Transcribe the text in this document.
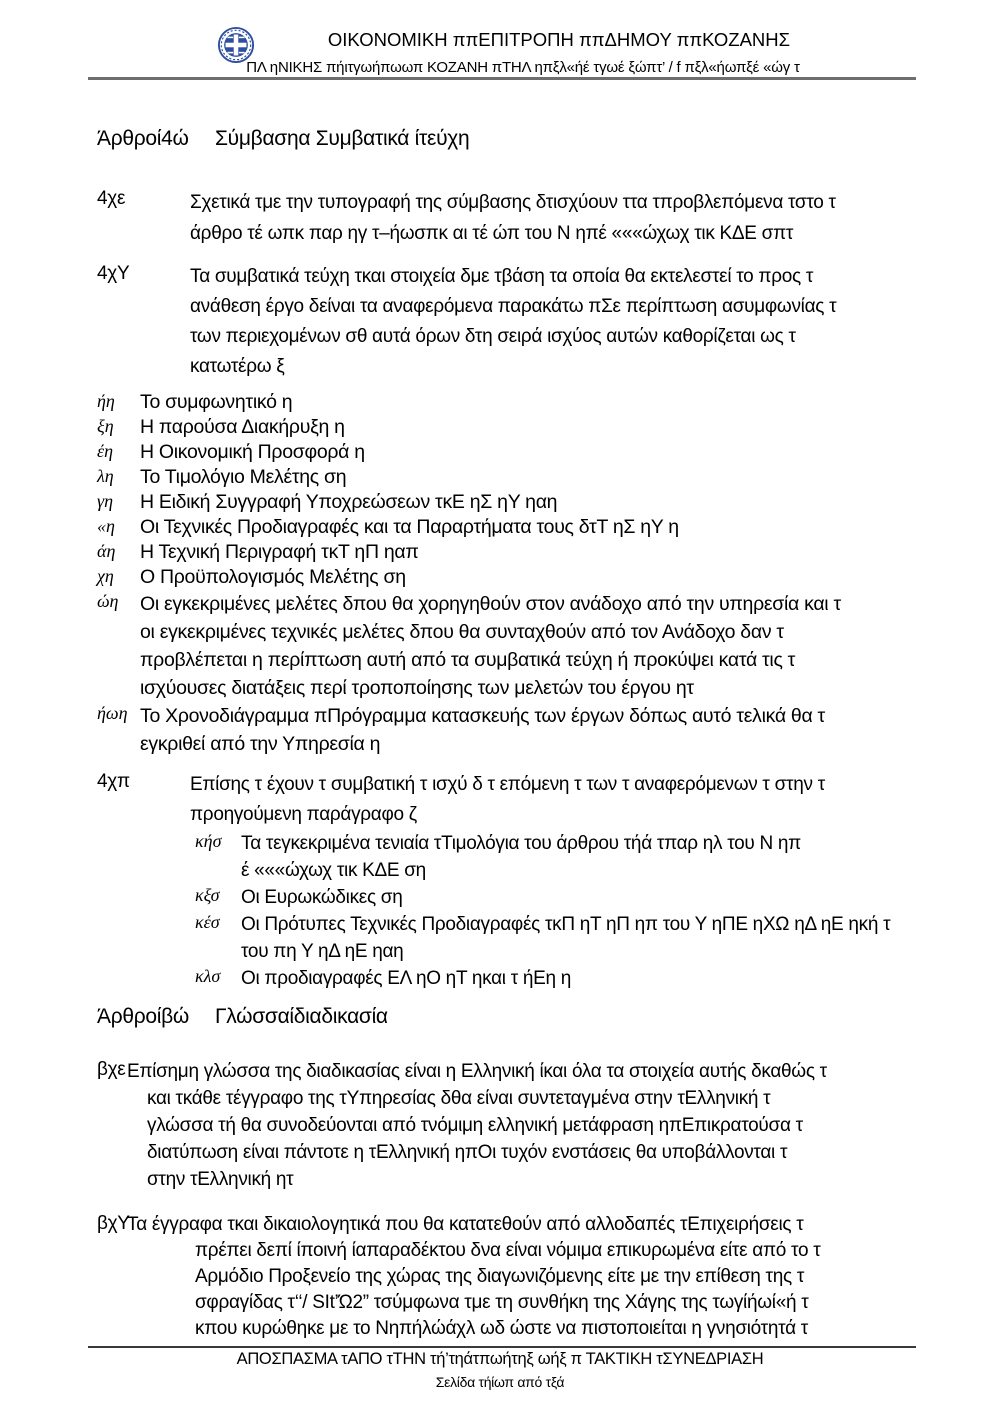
ΟΙΚΟΝΟΜΙΚΗ ππΕΠΙΤΡΟΠΗ ππΔΗΜΟΥ ππΚΟΖΑΝΗΣ
ΠΛ ηΝΙΚΗΣ πήιτγωήπωωπ ΚΟΖΑΝΗ πΤΗΛ ηπξλ«ήέ τγωέ ξώπτ’ / f πξλ«ήωπξέ «ώγ τ
Άρθροί4ώ Σύμβασηα Συμβατικά ίτεύχη
4χε	Σχετικά τμε την τυπογραφή της σύμβασης δτισχύουν ττα τπροβλεπόμενα τστο τ
άρθρο τέ ωπκ παρ ηγ τ–ήωσπκ αι τέ ώπ του Ν ηπέ «««ώχωχ τικ ΚΔΕ σπτ
4χΥ	Τα συμβατικά τεύχη τκαι στοιχεία δμε τβάση τα οποία θα εκτελεστεί το προς τ
ανάθεση έργο δείναι τα αναφερόμενα παρακάτω πΣε περίπτωση ασυμφωνίας τ
των περιεχομένων σθ αυτά όρων δτη σειρά ισχύος αυτών καθορίζεται ως τ
κατωτέρω ξ
ήη Το συμφωνητικό η
ξη Η παρούσα Διακήρυξη η
έη Η Οικονομική Προσφορά η
λη Το Τιμολόγιο Μελέτης ση
γη Η Ειδική Συγγραφή Υποχρεώσεων τκΕ ηΣ ηΥ ηαη
«η Οι Τεχνικές Προδιαγραφές και τα Παραρτήματα τους δτΤ ηΣ ηΥ η
άη Η Τεχνική Περιγραφή τκΤ ηΠ ηαπ
χη Ο Προϋπολογισμός Μελέτης ση
ώη Οι εγκεκριμένες μελέτες δπου θα χορηγηθούν στον ανάδοχο από την υπηρεσία και τ
οι εγκεκριμένες τεχνικές μελέτες δπου θα συνταχθούν από τον Ανάδοχο δαν τ
προβλέπεται η περίπτωση αυτή από τα συμβατικά τεύχη ή προκύψει κατά τις τ
ισχύουσες διατάξεις περί τροποποίησης των μελετών του έργου ητ
ήωη Το Χρονοδιάγραμμα πΠρόγραμμα κατασκευής των έργων δόπως αυτό τελικά θα τ
εγκριθεί από την Υπηρεσία η
4χπ	Επίσης τ έχουν τ συμβατική τ ισχύ δ τ επόμενη τ των τ αναφερόμενων τ στην τ
προηγούμενη παράγραφο ζ
κήσ Τα τεγκεκριμένα τενιαία τΤιμολόγια του άρθρου τήά τπαρ ηλ του Ν ηπ
έ «««ώχωχ τικ ΚΔΕ ση
κξσ Οι Ευρωκώδικες ση
κέσ Οι Πρότυπες Τεχνικές Προδιαγραφές τκΠ ηΤ ηΠ ηπ του Υ ηΠΕ ηΧΩ ηΔ ηΕ ηκή τ
του πη Υ ηΔ ηΕ ηαη
κλσ Οι προδιαγραφές ΕΛ ηΟ ηΤ ηκαι τ ήΕη η
Άρθροίβώ Γλώσσαίδιαδικασία
βχε Επίσημη γλώσσα της διαδικασίας είναι η Ελληνική ίκαι όλα τα στοιχεία αυτής δκαθώς τ
και τκάθε τέγγραφο της τΥπηρεσίας δθα είναι συντεταγμένα στην τΕλληνική τ
γλώσσα τή θα συνοδεύονται από τνόμιμη ελληνική μετάφραση ηπΕπικρατούσα τ
διατύπωση είναι πάντοτε η τΕλληνική ηπΟι τυχόν ενστάσεις θα υποβάλλονται τ
στην τΕλληνική ητ
βχΥ
Τα έγγραφα τκαι δικαιολογητικά που θα κατατεθούν από αλλοδαπές τΕπιχειρήσεις τ
πρέπει δεπί ίποινή ίαπαραδέκτου δνα είναι νόμιμα επικυρωμένα είτε από το τ
Αρμόδιο Προξενείο της χώρας της διαγωνιζόμενης είτε με την επίθεση της τ
σφραγίδας τ‘‘/ SIt’Ώ2” τσύμφωνα τμε τη συνθήκη της Χάγης της τωγίήωί«ή τ
κπου κυρώθηκε με το Νηπήλώάχλ ωδ ώστε να πιστοποιείται η γνησιότητά τ
ΑΠΟΣΠΑΣΜΑ τΑΠΟ τΤΗΝ τή’τηάτπωήτηξ ωήξ π ΤΑΚΤΙΚΗ τΣΥΝΕΔΡΙΑΣΗ
Σελίδα τήίωπ από τξά
